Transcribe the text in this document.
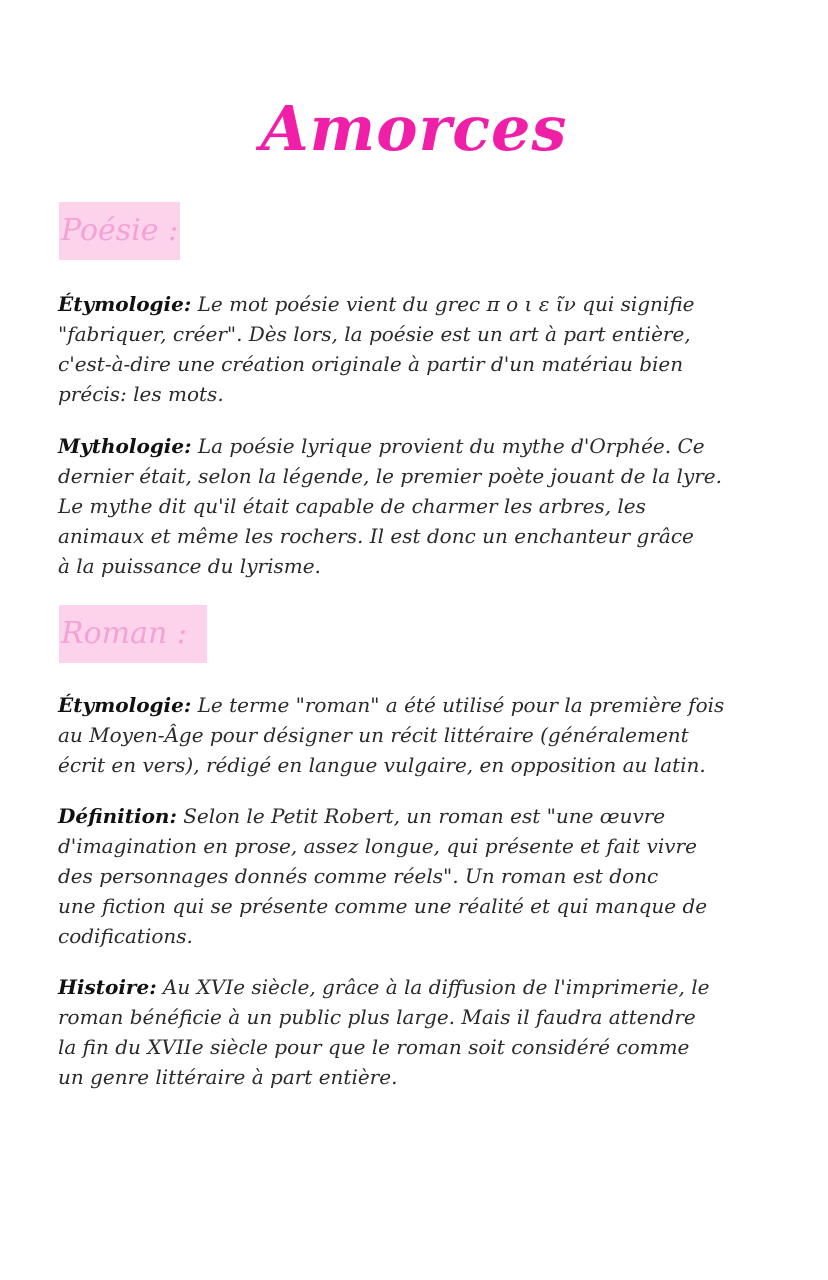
Amorces
Poésie :
Étymologie: Le mot poésie vient du grec π ο ι ε ῖν qui signifie
"fabriquer, créer". Dès lors, la poésie est un art à part entière,
c'est-à-dire une création originale à partir d'un matériau bien
précis: les mots.
Mythologie: La poésie lyrique provient du mythe d'Orphée. Ce
dernier était, selon la légende, le premier poète jouant de la lyre.
Le mythe dit qu'il était capable de charmer les arbres, les
animaux et même les rochers. Il est donc un enchanteur grâce
à la puissance du lyrisme.
Roman :
Étymologie: Le terme "roman" a été utilisé pour la première fois
au Moyen-Âge pour désigner un récit littéraire (généralement
écrit en vers), rédigé en langue vulgaire, en opposition au latin.
Définition: Selon le Petit Robert, un roman est "une œuvre
d'imagination en prose, assez longue, qui présente et fait vivre
des personnages donnés comme réels". Un roman est donc
une fiction qui se présente comme une réalité et qui manque de
codifications.
Histoire: Au XVIe siècle, grâce à la diffusion de l'imprimerie, le
roman bénéficie à un public plus large. Mais il faudra attendre
la fin du XVIIe siècle pour que le roman soit considéré comme
un genre littéraire à part entière.
